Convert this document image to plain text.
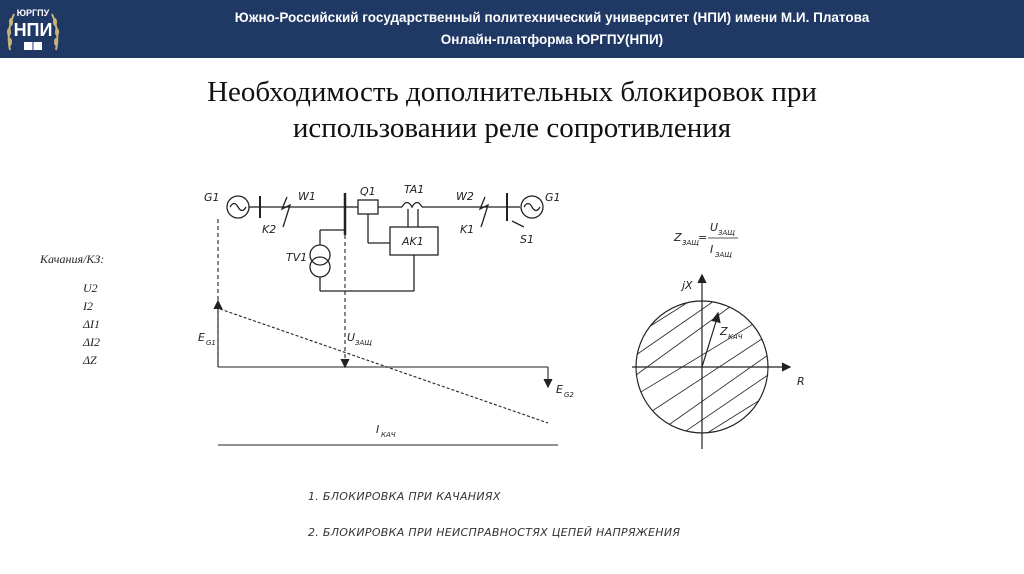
ЮРГПУ
НПИ
Южно-Российский государственный политехнический университет (НПИ) имени М.И. Платова
Онлайн-платформа ЮРГПУ(НПИ)
Необходимость дополнительных блокировок при
использовании реле сопротивления
Качания/КЗ:
U2
I2
ΔI1
ΔI2
ΔZ
G1	G1
W1	W2
Q1	TA1
AK1
TV1
K1
K2
S1
E G1
E G2
U ЗАЩ
I КАЧ
Z ЗАЩ =
U ЗАЩ
I ЗАЩ
jX
R
Z КАЧ
1. БЛОКИРОВКА ПРИ КАЧАНИЯХ
2. БЛОКИРОВКА ПРИ НЕИСПРАВНОСТЯХ ЦЕПЕЙ НАПРЯЖЕНИЯ
